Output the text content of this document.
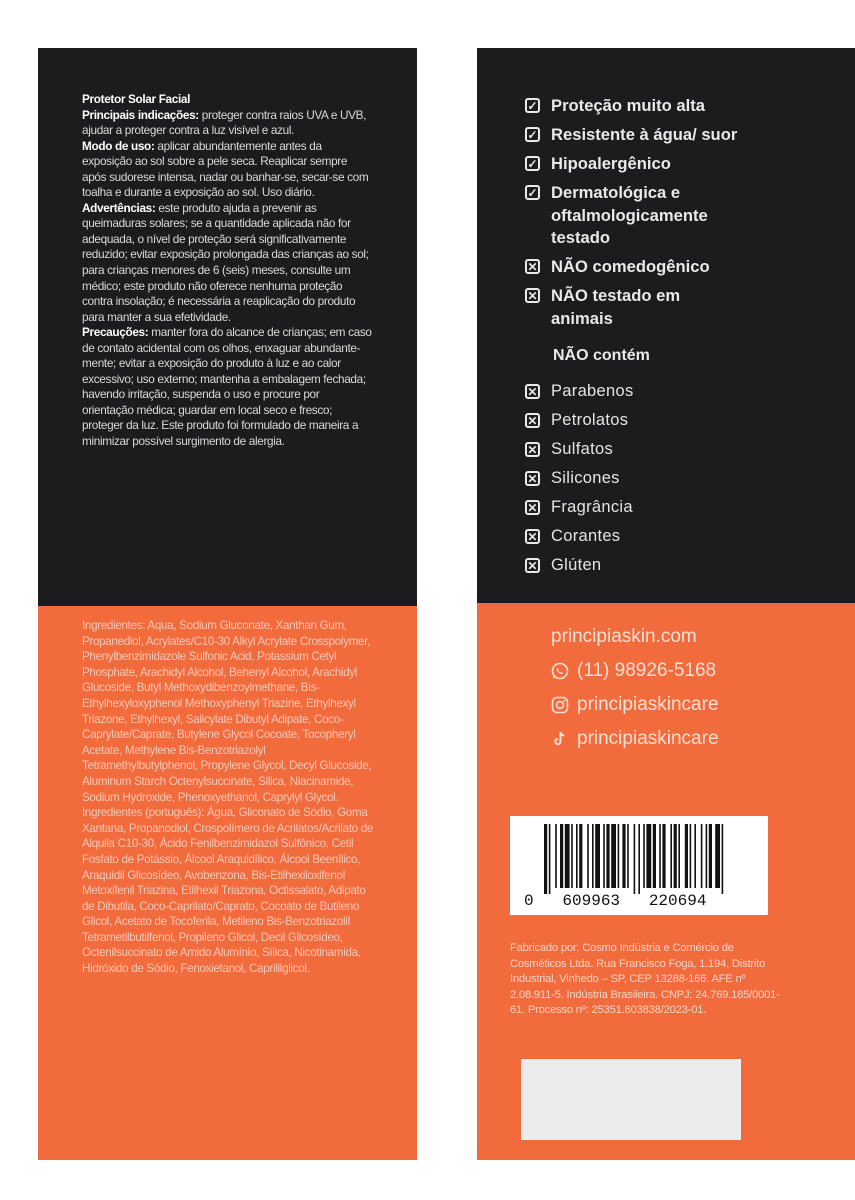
Protetor Solar Facial

Principais indicações: proteger contra raios UVA e UVB, ajudar a proteger contra a luz visível e azul.

Modo de uso: aplicar abundantemente antes da exposição ao sol sobre a pele seca. Reaplicar sempre após sudorese intensa, nadar ou banhar-se, secar-se com toalha e durante a exposição ao sol. Uso diário.

Advertências: este produto ajuda a prevenir as queimaduras solares; se a quantidade aplicada não for adequada, o nível de proteção será significativamente reduzido; evitar exposição prolongada das crianças ao sol; para crianças menores de 6 (seis) meses, consulte um médico; este produto não oferece nenhuma proteção contra insolação; é necessária a reaplicação do produto para manter a sua efetividade.

Precauções: manter fora do alcance de crianças; em caso de contato acidental com os olhos, enxaguar abundante-mente; evitar a exposição do produto à luz e ao calor excessivo; uso externo; mantenha a embalagem fechada; havendo irritação, suspenda o uso e procure por orientação médica; guardar em local seco e fresco; proteger da luz. Este produto foi formulado de maneira a minimizar possível surgimento de alergia.

Ingredientes: Aqua, Sodium Gluconate, Xanthan Gum, Propanediol, Acrylates/C10-30 Alkyl Acrylate Crosspolymer, Phenylbenzimidazole Sulfonic Acid, Potassium Cetyl Phosphate, Arachidyl Alcohol, Behenyl Alcohol, Arachidyl Glucoside, Butyl Methoxydibenzoylmethane, Bis-Ethylhexyloxyphenol Methoxyphenyl Triazine, Ethylhexyl Triazone, Ethylhexyl, Salicylate Dibutyl Adipate, Coco-Caprylate/Caprate, Butylene Glycol Cocoate, Tocopheryl Acetate, Methylene Bis-Benzotriazolyl Tetramethylbutylphenol, Propylene Glycol, Decyl Glucoside, Aluminum Starch Octenylsuccinate, Silica, Niacinamide, Sodium Hydroxide, Phenoxyethanol, Caprylyl Glycol.

Ingredientes (português): Água, Gliconato de Sódio, Goma Xantana, Propanodiol, Crospolímero de Acrilatos/Acrilato de Alquila C10-30, Ácido Fenilbenzimidazol Sulfônico, Cetil Fosfato de Potássio, Álcool Araquidílico, Álcool Beenílico, Araquidil Glicosídeo, Avobenzona, Bis-Etilhexiloxifenol Metoxifenil Triazina, Etilhexil Triazona, Octissalato, Adipato de Dibutila, Coco-Caprilato/Caprato, Cocoato de Butileno Glicol, Acetato de Tocoferila, Metileno Bis-Benzotriazolil Tetrametilbutilfenol, Propileno Glicol, Decil Glicosídeo, Octenilsuccinato de Amido Alumínio, Sílica, Nicotinamida, Hidróxido de Sódio, Fenoxietanol, Caprililglicol.

✓ Proteção muito alta
✓ Resistente à água/ suor
✓ Hipoalergênico
✓ Dermatológica e oftalmologicamente testado
✕ NÃO comedogênico
✕ NÃO testado em animais
NÃO contém
✕ Parabenos
✕ Petrolatos
✕ Sulfatos
✕ Silicones
✕ Fragrância
✕ Corantes
✕ Glúten
principiaskin.com
(11) 98926-5168
principiaskincare
principiaskincare
0   609963   220694
Fabricado por: Cosmo Indústria e Comércio de Cosméticos Ltda. Rua Francisco Foga, 1.194, Distrito Industrial, Vinhedo – SP, CEP 13288-166. AFE nº 2.08.911-5. Indústria Brasileira. CNPJ: 24.769.185/0001-61. Processo nº: 25351.803838/2023-01.
